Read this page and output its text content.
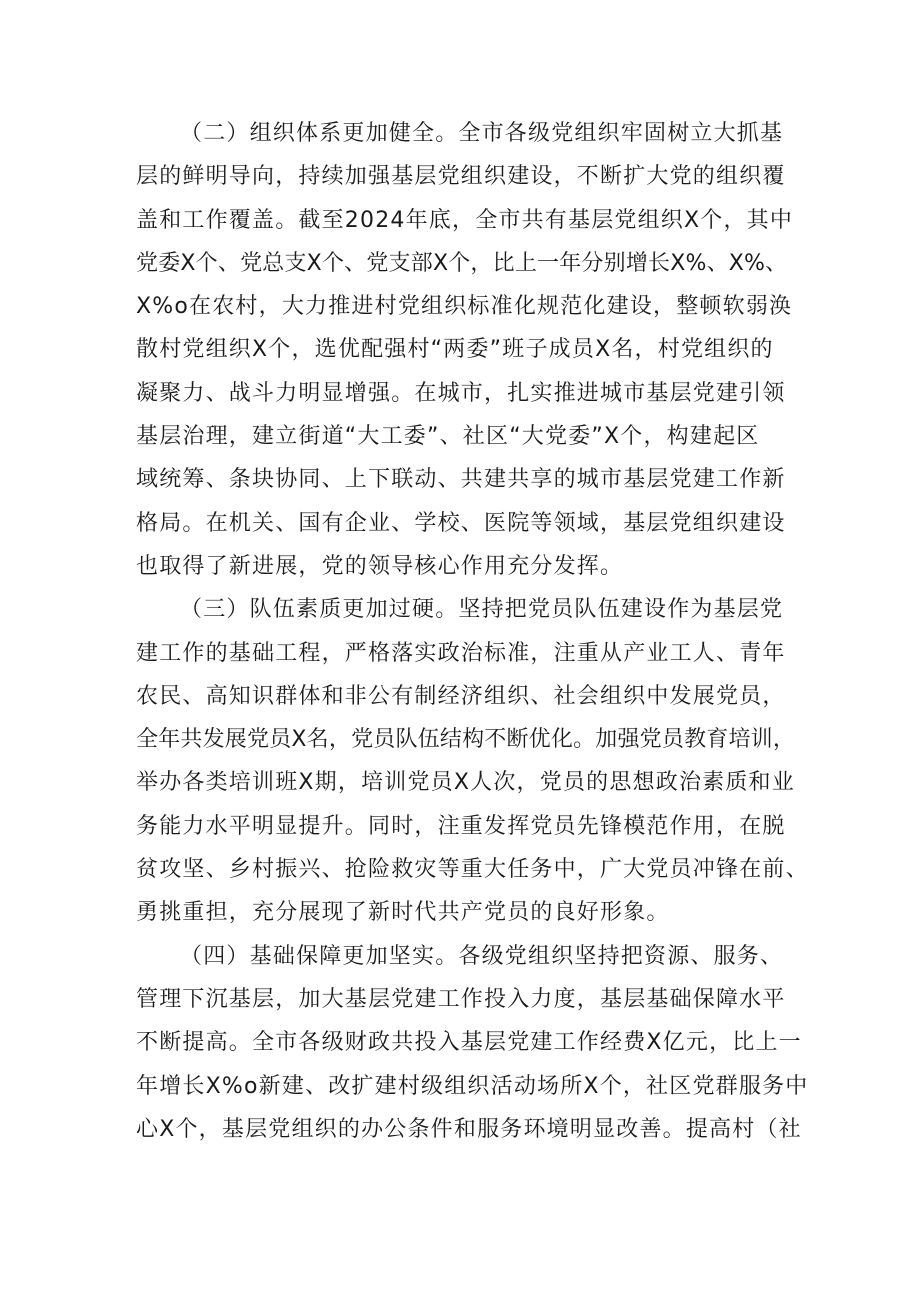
（二）组织体系更加健全。全市各级党组织牢固树立大抓基
层的鲜明导向，持续加强基层党组织建设，不断扩大党的组织覆
盖和工作覆盖。截至2024年底，全市共有基层党组织X个，其中
党委X个、党总支X个、党支部X个，比上一年分别增长X%、X%、
X%o在农村，大力推进村党组织标准化规范化建设，整顿软弱涣
散村党组织X个，选优配强村“两委”班子成员X名，村党组织的
凝聚力、战斗力明显增强。在城市，扎实推进城市基层党建引领
基层治理，建立街道“大工委”、社区“大党委”X个，构建起区
域统筹、条块协同、上下联动、共建共享的城市基层党建工作新
格局。在机关、国有企业、学校、医院等领域，基层党组织建设
也取得了新进展，党的领导核心作用充分发挥。
（三）队伍素质更加过硬。坚持把党员队伍建设作为基层党
建工作的基础工程，严格落实政治标准，注重从产业工人、青年
农民、高知识群体和非公有制经济组织、社会组织中发展党员，
全年共发展党员X名，党员队伍结构不断优化。加强党员教育培训，
举办各类培训班X期，培训党员X人次，党员的思想政治素质和业
务能力水平明显提升。同时，注重发挥党员先锋模范作用，在脱
贫攻坚、乡村振兴、抢险救灾等重大任务中，广大党员冲锋在前、
勇挑重担，充分展现了新时代共产党员的良好形象。
（四）基础保障更加坚实。各级党组织坚持把资源、服务、
管理下沉基层，加大基层党建工作投入力度，基层基础保障水平
不断提高。全市各级财政共投入基层党建工作经费X亿元，比上一
年增长X%o新建、改扩建村级组织活动场所X个，社区党群服务中
心X个，基层党组织的办公条件和服务环境明显改善。提高村（社
